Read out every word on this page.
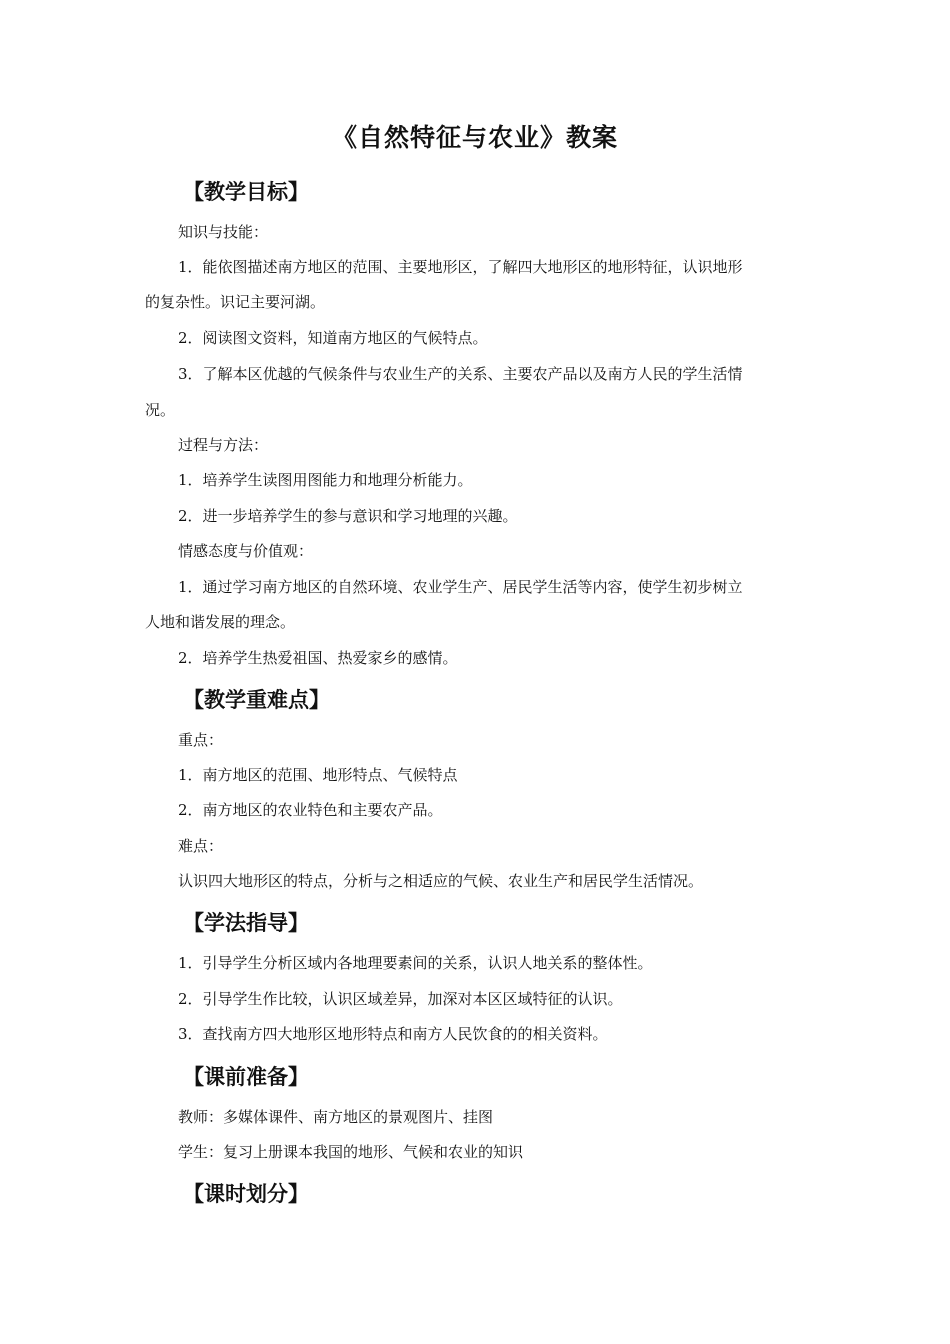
《自然特征与农业》教案
【教学目标】
知识与技能：
1．能依图描述南方地区的范围、主要地形区，了解四大地形区的地形特征，认识地形
的复杂性。识记主要河湖。
2．阅读图文资料，知道南方地区的气候特点。
3．了解本区优越的气候条件与农业生产的关系、主要农产品以及南方人民的学生活情
况。
过程与方法：
1．培养学生读图用图能力和地理分析能力。
2．进一步培养学生的参与意识和学习地理的兴趣。
情感态度与价值观：
1．通过学习南方地区的自然环境、农业学生产、居民学生活等内容，使学生初步树立
人地和谐发展的理念。
2．培养学生热爱祖国、热爱家乡的感情。
【教学重难点】
重点：
1．南方地区的范围、地形特点、气候特点
2．南方地区的农业特色和主要农产品。
难点：
认识四大地形区的特点，分析与之相适应的气候、农业生产和居民学生活情况。
【学法指导】
1．引导学生分析区域内各地理要素间的关系，认识人地关系的整体性。
2．引导学生作比较，认识区域差异，加深对本区区域特征的认识。
3．查找南方四大地形区地形特点和南方人民饮食的的相关资料。
【课前准备】
教师：多媒体课件、南方地区的景观图片、挂图
学生：复习上册课本我国的地形、气候和农业的知识
【课时划分】
